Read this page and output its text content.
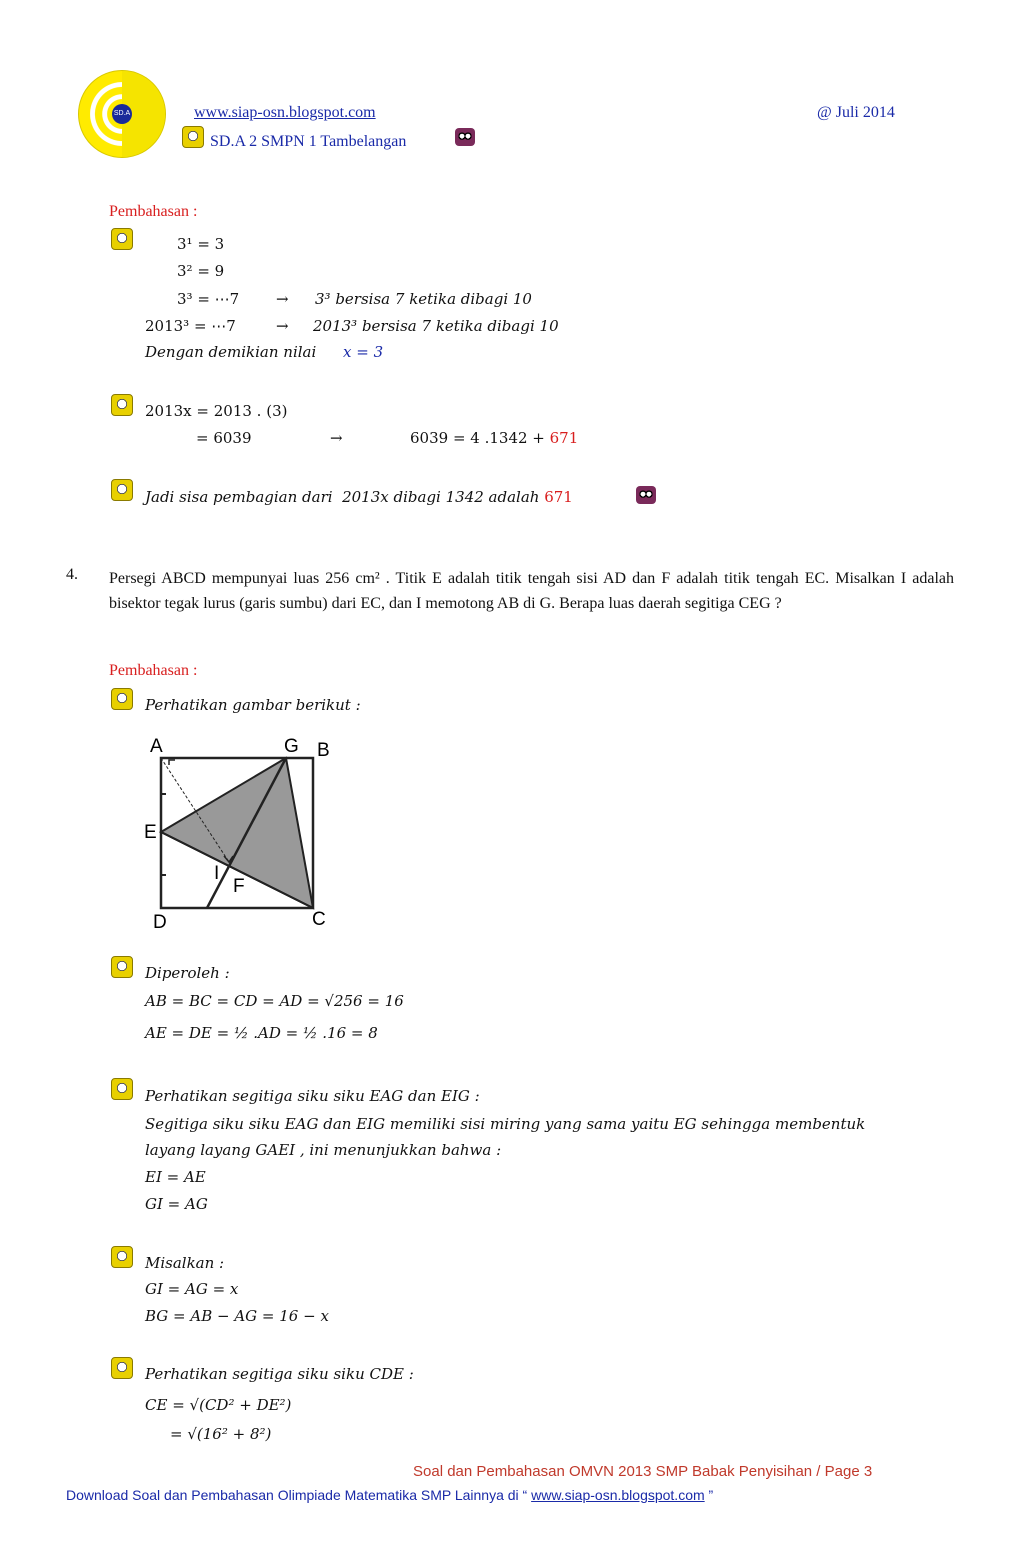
SD.A	www.siap-osn.blogspot.com	@ Juli 2014
SD.A 2 SMPN 1 Tambelangan
Pembahasan :
3¹ = 3
3² = 9
3³ = ⋯7 → 3³ bersisa 7 ketika dibagi 10
2013³ = ⋯7	→ 2013³ bersisa 7 ketika dibagi 10
Dengan demikian nilai x = 3
2013x = 2013 . (3)
= 6039	→	6039 = 4 .1342 + 671
Jadi sisa pembagian dari  2013x dibagi 1342 adalah 671
4. Persegi ABCD mempunyai luas 256 cm² . Titik E adalah titik tengah sisi AD dan F adalah titik tengah EC. Misalkan I adalah bisektor tegak lurus (garis sumbu) dari EC, dan I memotong AB di G. Berapa luas daerah segitiga CEG ?
Pembahasan :
Perhatikan gambar berikut :
A	G B
E
I
F
D	C
Diperoleh :
AB = BC = CD = AD = √256 = 16
AE = DE = ½ .AD = ½ .16 = 8
Perhatikan segitiga siku siku EAG dan EIG :
Segitiga siku siku EAG dan EIG memiliki sisi miring yang sama yaitu EG sehingga membentuk
layang layang GAEI , ini menunjukkan bahwa :
EI = AE
GI = AG
Misalkan :
GI = AG = x
BG = AB − AG = 16 − x
Perhatikan segitiga siku siku CDE :
CE = √(CD² + DE²)
= √(16² + 8²)
Soal dan Pembahasan OMVN 2013 SMP Babak Penyisihan / Page 3
Download Soal dan Pembahasan Olimpiade Matematika SMP Lainnya di “ www.siap-osn.blogspot.com ”
